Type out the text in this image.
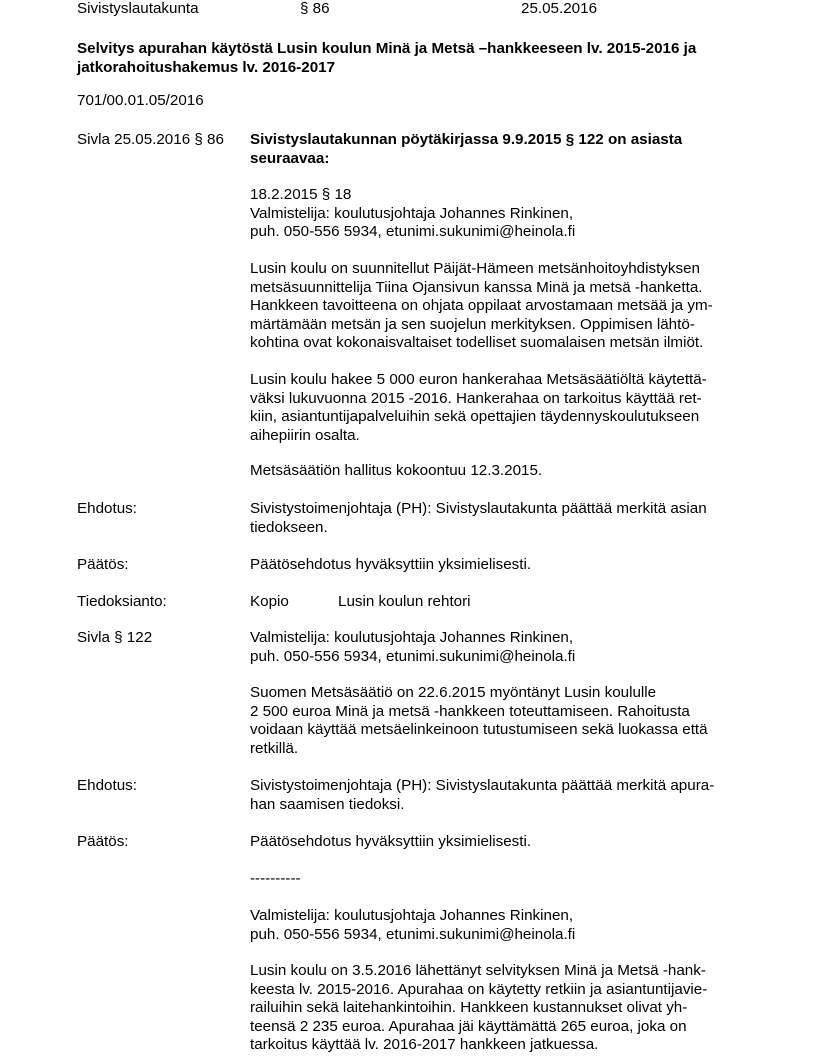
Sivistyslautakunta	§ 86	25.05.2016
Selvitys apurahan käytöstä Lusin koulun Minä ja Metsä –hankkeeseen lv. 2015-2016 ja
jatkorahoitushakemus lv. 2016-2017
701/00.01.05/2016
Sivla 25.05.2016 § 86 Sivistyslautakunnan pöytäkirjassa 9.9.2015 § 122 on asiasta
seuraavaa:
18.2.2015 § 18
Valmistelija: koulutusjohtaja Johannes Rinkinen,
puh. 050-556 5934, etunimi.sukunimi@heinola.fi
Lusin koulu on suunnitellut Päijät-Hämeen metsänhoitoyhdistyksen
metsäsuunnittelija Tiina Ojansivun kanssa Minä ja metsä -hanketta.
Hankkeen tavoitteena on ohjata oppilaat arvostamaan metsää ja ym-
märtämään metsän ja sen suojelun merkityksen. Oppimisen lähtö-
kohtina ovat kokonaisvaltaiset todelliset suomalaisen metsän ilmiöt.
Lusin koulu hakee 5 000 euron hankerahaa Metsäsäätiöltä käytettä-
väksi lukuvuonna 2015 -2016. Hankerahaa on tarkoitus käyttää ret-
kiin, asiantuntijapalveluihin sekä opettajien täydennyskoulutukseen
aihepiirin osalta.
Metsäsäätiön hallitus kokoontuu 12.3.2015.
Ehdotus:	Sivistystoimenjohtaja (PH): Sivistyslautakunta päättää merkitä asian
tiedokseen.
Päätös:	Päätösehdotus hyväksyttiin yksimielisesti.
Tiedoksianto:	Kopio	Lusin koulun rehtori
Sivla § 122	Valmistelija: koulutusjohtaja Johannes Rinkinen,
puh. 050-556 5934, etunimi.sukunimi@heinola.fi
Suomen Metsäsäätiö on 22.6.2015 myöntänyt Lusin koululle
2 500 euroa Minä ja metsä -hankkeen toteuttamiseen. Rahoitusta
voidaan käyttää metsäelinkeinoon tutustumiseen sekä luokassa että
retkillä.
Ehdotus:	Sivistystoimenjohtaja (PH): Sivistyslautakunta päättää merkitä apura-
han saamisen tiedoksi.
Päätös:	Päätösehdotus hyväksyttiin yksimielisesti.
----------
Valmistelija: koulutusjohtaja Johannes Rinkinen,
puh. 050-556 5934, etunimi.sukunimi@heinola.fi
Lusin koulu on 3.5.2016 lähettänyt selvityksen Minä ja Metsä -hank-
keesta lv. 2015-2016. Apurahaa on käytetty retkiin ja asiantuntijavie-
railuihin sekä laitehankintoihin. Hankkeen kustannukset olivat yh-
teensä 2 235 euroa. Apurahaa jäi käyttämättä 265 euroa, joka on
tarkoitus käyttää lv. 2016-2017 hankkeen jatkuessa.
